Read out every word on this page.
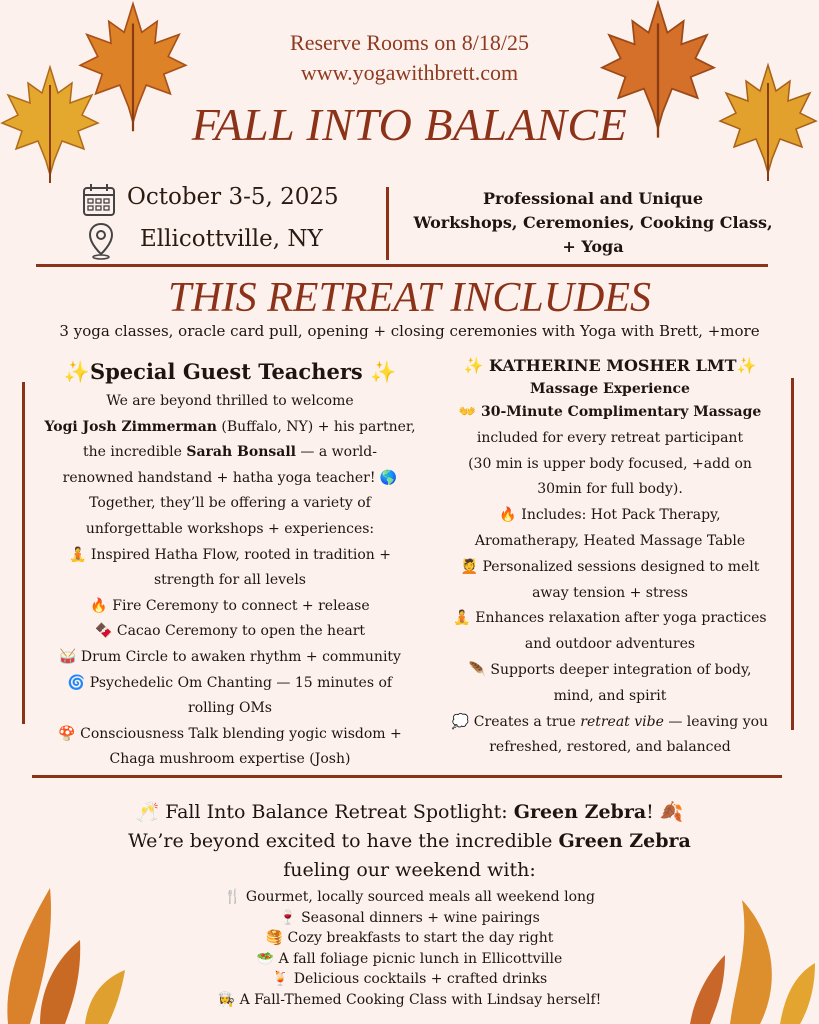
Reserve Rooms on 8/18/25
www.yogawithbrett.com
FALL INTO BALANCE
October 3-5, 2025
Ellicottville, NY
Professional and Unique
Workshops, Ceremonies, Cooking Class,
+ Yoga
THIS RETREAT INCLUDES
3 yoga classes, oracle card pull, opening + closing ceremonies with Yoga with Brett, +more
✨Special Guest Teachers ✨
We are beyond thrilled to welcome
Yogi Josh Zimmerman (Buffalo, NY) + his partner,
the incredible Sarah Bonsall — a world-
renowned handstand + hatha yoga teacher! 🌎
Together, they’ll be offering a variety of
unforgettable workshops + experiences:
🧘 Inspired Hatha Flow, rooted in tradition +
strength for all levels
🔥 Fire Ceremony to connect + release
🍫 Cacao Ceremony to open the heart
🥁 Drum Circle to awaken rhythm + community
🌀 Psychedelic Om Chanting — 15 minutes of
rolling OMs
🍄 Consciousness Talk blending yogic wisdom +
Chaga mushroom expertise (Josh)
✨ KATHERINE MOSHER LMT✨
Massage Experience
👐 30-Minute Complimentary Massage
included for every retreat participant
(30 min is upper body focused, +add on
30min for full body).
🔥 Includes: Hot Pack Therapy,
Aromatherapy, Heated Massage Table
💆 Personalized sessions designed to melt
away tension + stress
🧘 Enhances relaxation after yoga practices
and outdoor adventures
🪶 Supports deeper integration of body,
mind, and spirit
💭 Creates a true retreat vibe — leaving you
refreshed, restored, and balanced
🥂 Fall Into Balance Retreat Spotlight: Green Zebra! 🍂
We’re beyond excited to have the incredible Green Zebra
fueling our weekend with:
🍴 Gourmet, locally sourced meals all weekend long
🍷 Seasonal dinners + wine pairings
🥞 Cozy breakfasts to start the day right
🥗 A fall foliage picnic lunch in Ellicottville
🍹 Delicious cocktails + crafted drinks
👩‍🍳 A Fall-Themed Cooking Class with Lindsay herself!
